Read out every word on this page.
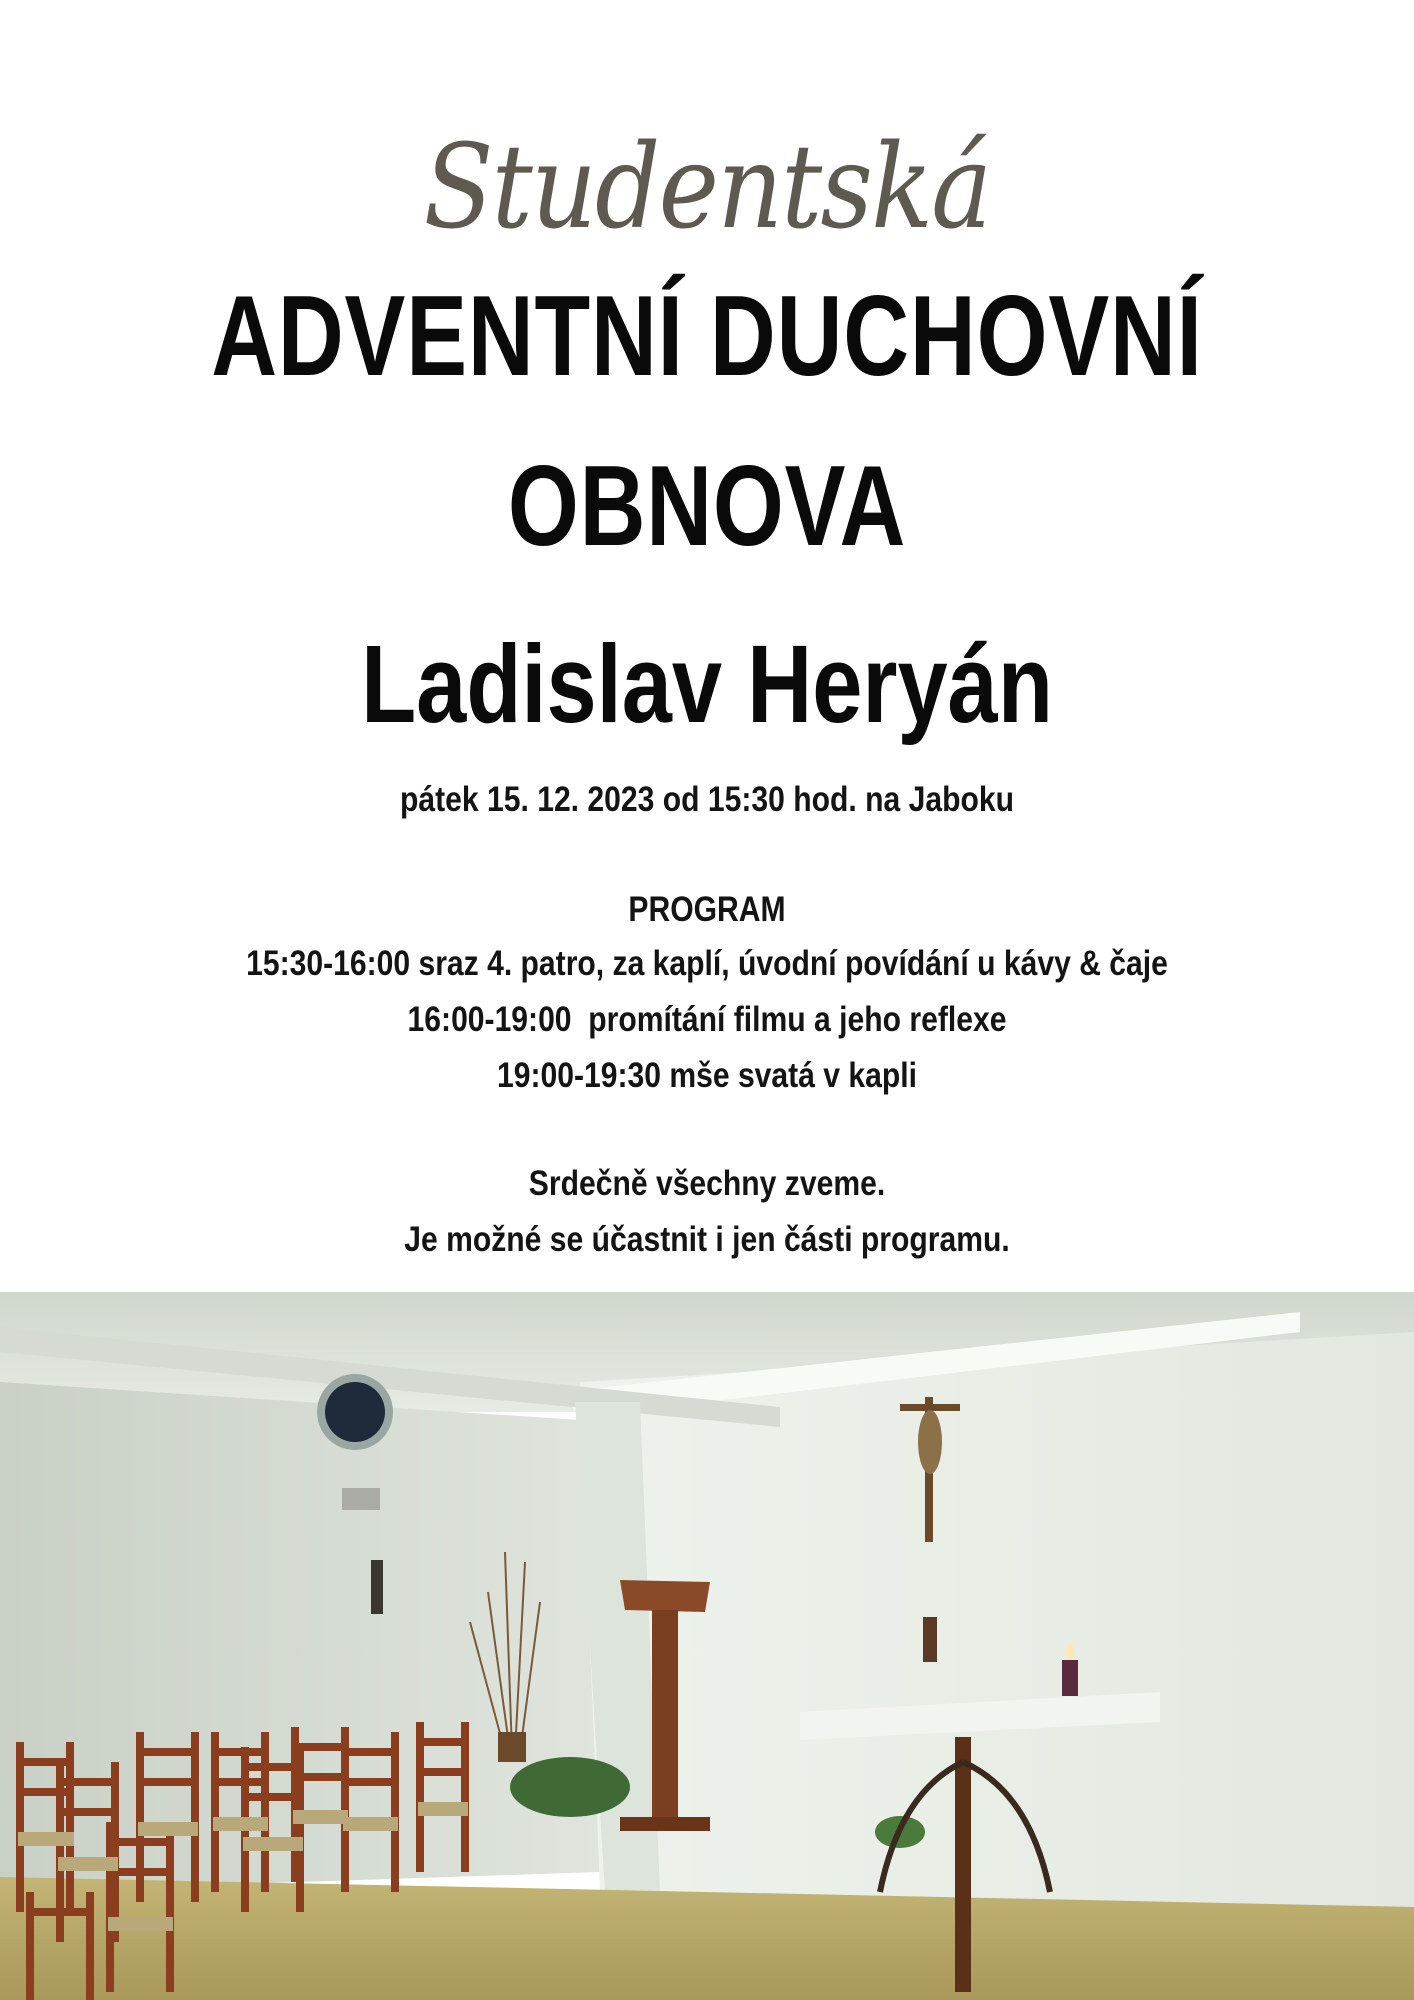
Studentská
ADVENTNÍ DUCHOVNÍ
OBNOVA
Ladislav Heryán
pátek 15. 12. 2023 od 15:30 hod. na Jaboku
PROGRAM
15:30-16:00 sraz 4. patro, za kaplí, úvodní povídání u kávy & čaje
16:00-19:00  promítání filmu a jeho reflexe
19:00-19:30 mše svatá v kapli
Srdečně všechny zveme.
Je možné se účastnit i jen části programu.
